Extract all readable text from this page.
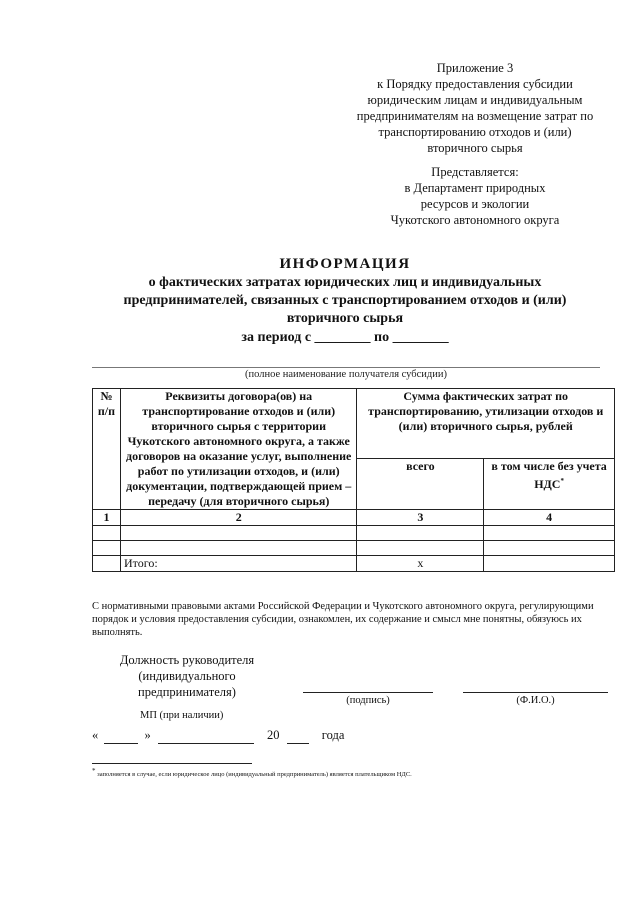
Приложение 3
к Порядку предоставления субсидии
юридическим лицам и индивидуальным
предпринимателям на возмещение затрат по
транспортированию отходов и (или)
вторичного сырья
Представляется:
в Департамент природных
ресурсов и экологии
Чукотского автономного округа
ИНФОРМАЦИЯ
о фактических затратах юридических лиц и индивидуальных
предпринимателей, связанных с транспортированием отходов и (или)
вторичного сырья
за период с ________ по ________
(полное наименование получателя субсидии)
№ п/п	Реквизиты договора(ов) на транспортирование отходов и (или) вторичного сырья с территории Чукотского автономного округа, а также договоров на оказание услуг, выполнение работ по утилизации отходов, и (или) документации, подтверждающей прием – передачу (для вторичного сырья)	Сумма фактических затрат по транспортированию, утилизации отходов и (или) вторичного сырья, рублей	
		всего	в том числе без учета НДС*
1	2	3	4

	Итого:	x	
С нормативными правовыми актами Российской Федерации и Чукотского автономного округа, регулирующими порядок и условия предоставления субсидии, ознакомлен, их содержание и смысл мне понятны, обязуюсь их выполнять.
Должность руководителя
(индивидуального
предпринимателя)
(подпись)	(Ф.И.О.)
МП (при наличии)
«	»	20	года
* заполняется в случае, если юридическое лицо (индивидуальный предприниматель) является плательщиком НДС.
